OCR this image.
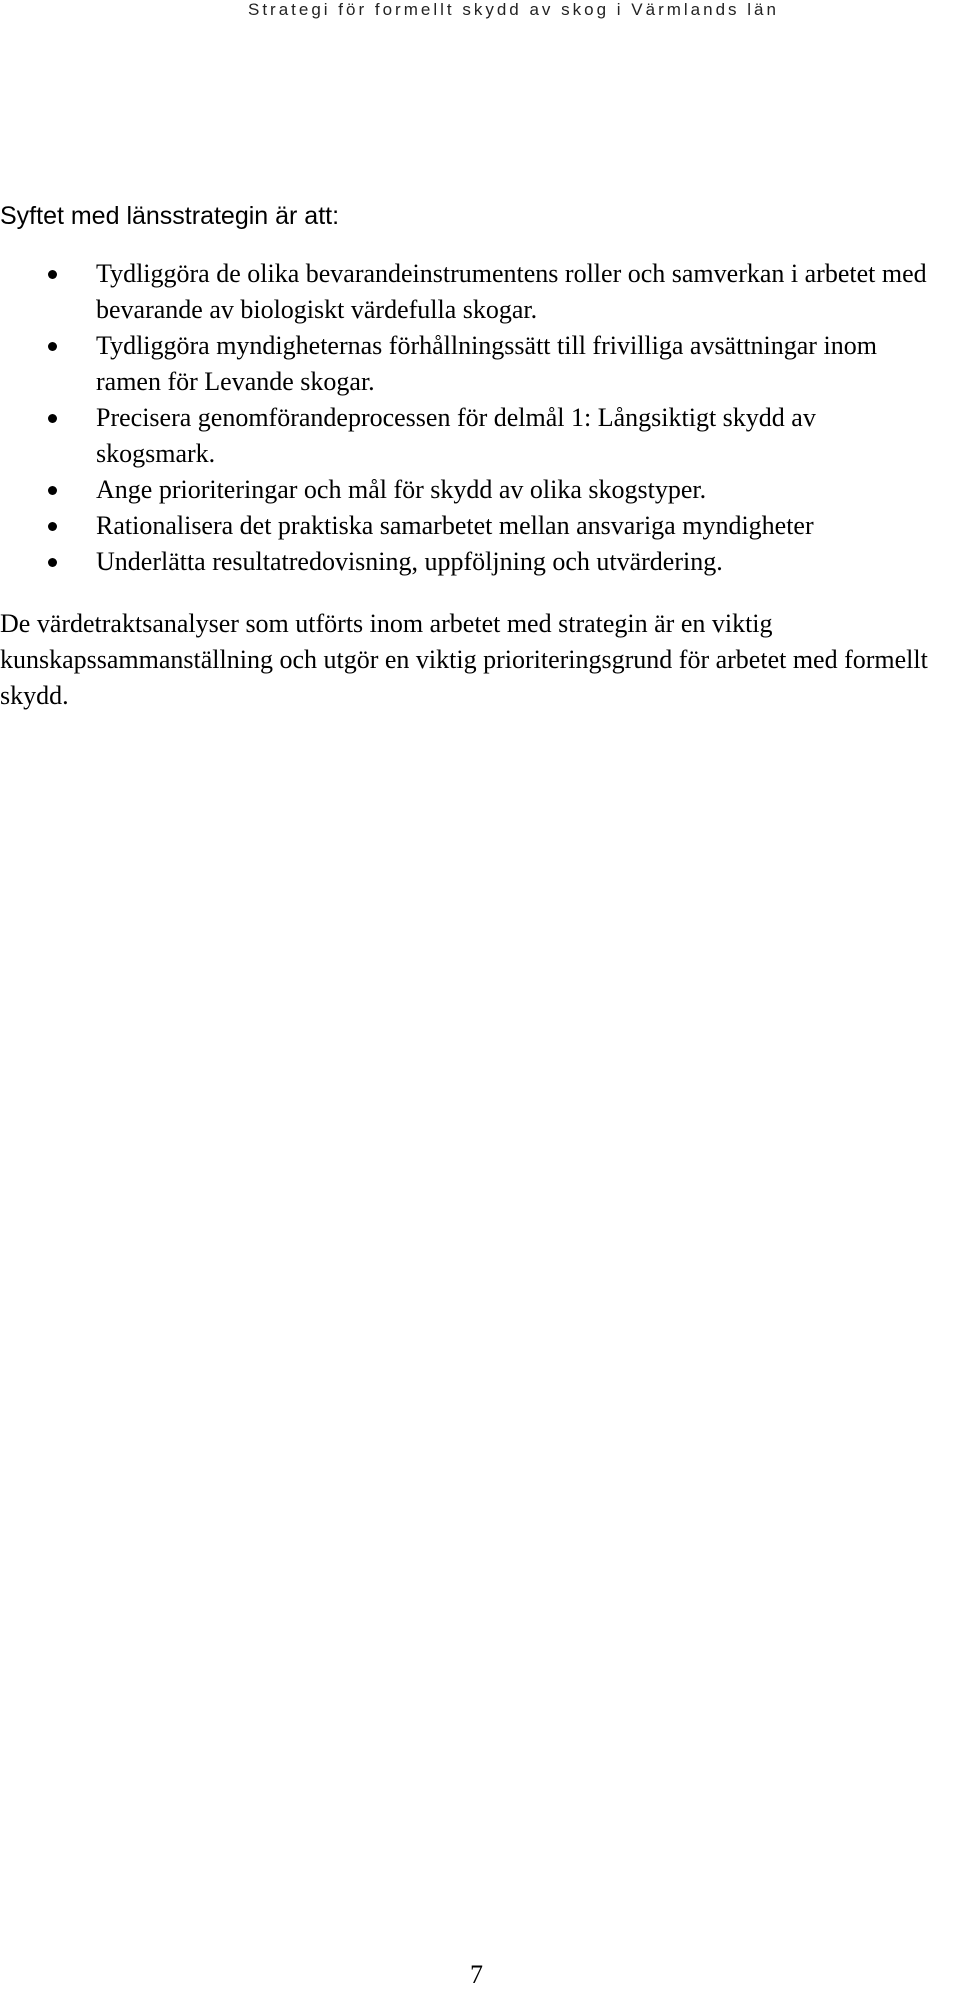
Strategi för formellt skydd av skog i Värmlands län

Syftet med länsstrategin är att:

Tydliggöra de olika bevarandeinstrumentens roller och samverkan i arbetet med bevarande av biologiskt värdefulla skogar.
Tydliggöra myndigheternas förhållningssätt till frivilliga avsättningar inom ramen för Levande skogar.
Precisera genomförandeprocessen för delmål 1: Långsiktigt skydd av skogsmark.
Ange prioriteringar och mål för skydd av olika skogstyper.
Rationalisera det praktiska samarbetet mellan ansvariga myndigheter
Underlätta resultatredovisning, uppföljning och utvärdering.

De värdetraktsanalyser som utförts inom arbetet med strategin är en viktig kunskapssammanställning och utgör en viktig prioriteringsgrund för arbetet med formellt skydd.

7
